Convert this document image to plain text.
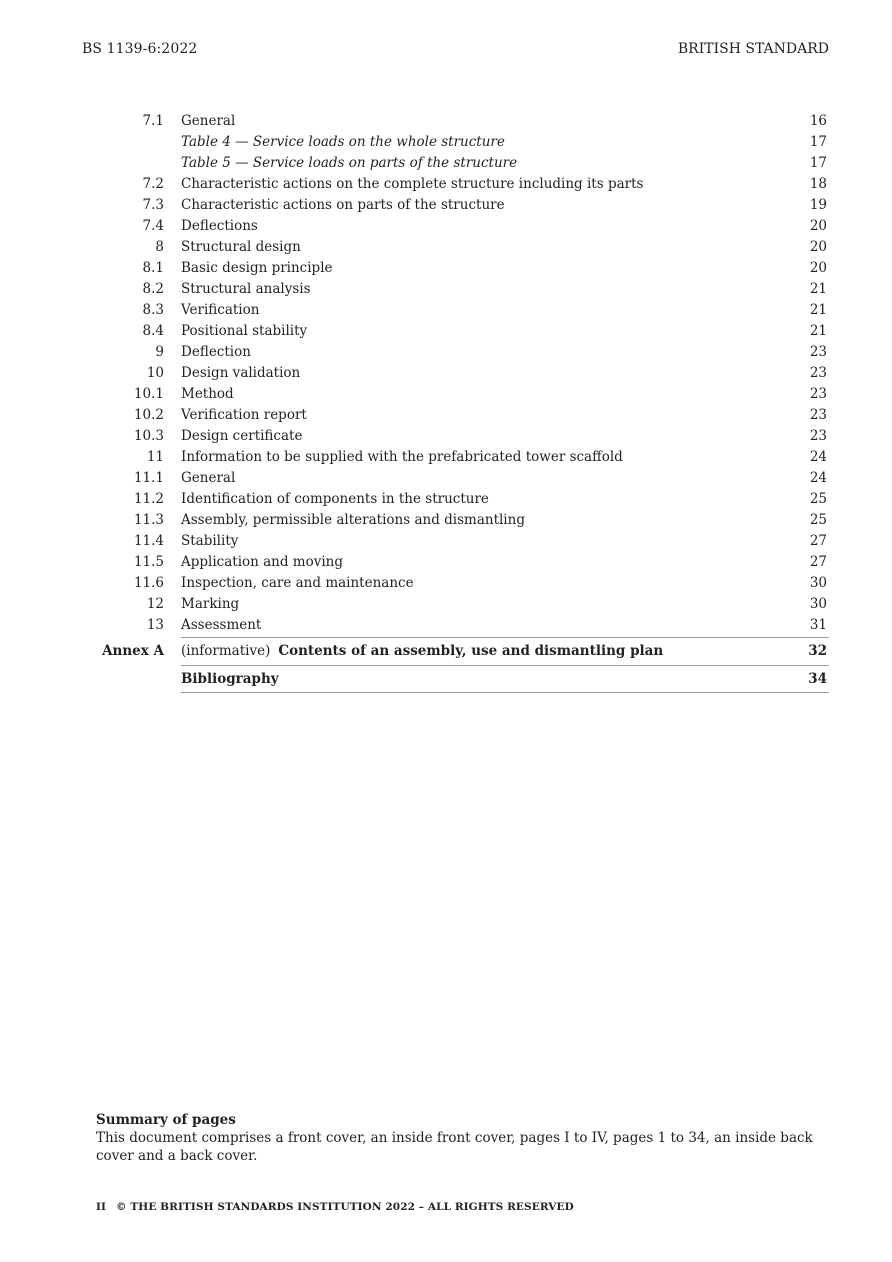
BS 1139-6:2022	BRITISH STANDARD
7.1 General	16
Table 4 — Service loads on the whole structure	17
Table 5 — Service loads on parts of the structure	17
7.2 Characteristic actions on the complete structure including its parts	18
7.3 Characteristic actions on parts of the structure	19
7.4 Deflections	20
8 Structural design	20
8.1 Basic design principle	20
8.2 Structural analysis	21
8.3 Verification	21
8.4 Positional stability	21
9 Deflection	23
10 Design validation	23
10.1 Method	23
10.2 Verification report	23
10.3 Design certificate	23
11 Information to be supplied with the prefabricated tower scaffold	24
11.1 General	24
11.2 Identification of components in the structure	25
11.3 Assembly, permissible alterations and dismantling	25
11.4 Stability	27
11.5 Application and moving	27
11.6 Inspection, care and maintenance	30
12 Marking	30
13 Assessment	31
Annex A (informative) Contents of an assembly, use and dismantling plan	32
Bibliography	34
Summary of pages
This document comprises a front cover, an inside front cover, pages I to IV, pages 1 to 34, an inside back cover and a back cover.
II © THE BRITISH STANDARDS INSTITUTION 2022 – ALL RIGHTS RESERVED
